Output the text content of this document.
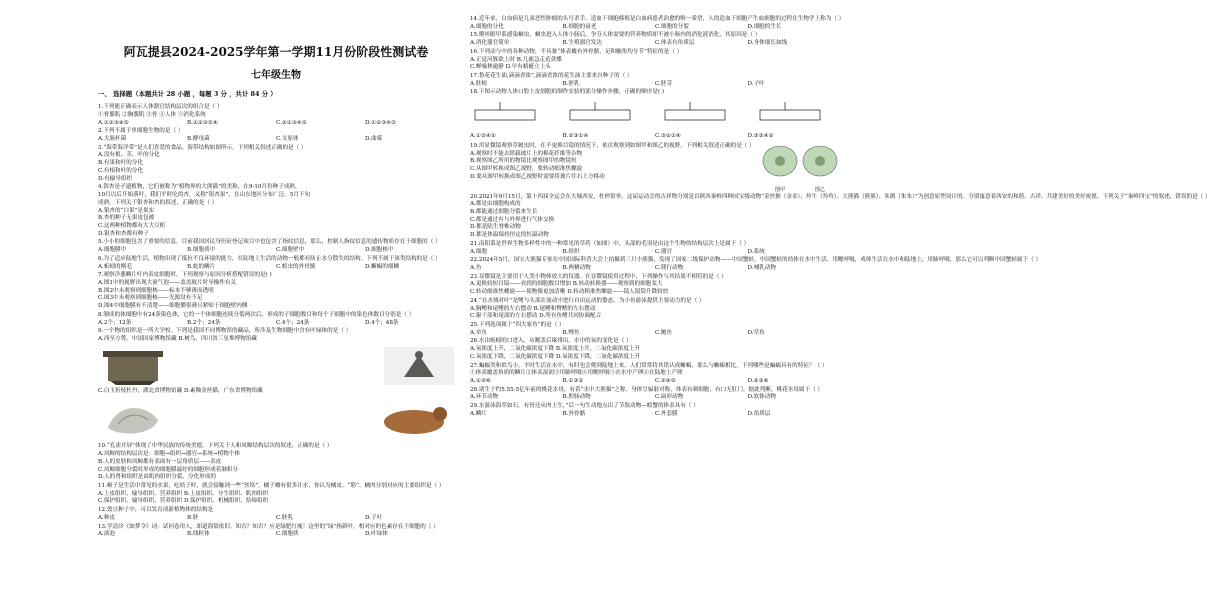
阿瓦提县2024-2025学年第一学期11月份阶段性测试卷
七年级生物
一、 选择题（本题共计 28 小题 ，每题 3 分 ，共计 84 分 ）
1.下列能正确表示人体器官结构层次的组合是（ ）
①骨骼肌 ②胸腹肌 ③骨 ④人体 ⑤消化系统
A.①②③④⑤	B.①②③⑤④	C.②①③④⑤	D.①②③④⑤
2.下列不属于单细胞生物的是（ ）
A.大肠杆菌	B.酵母菌	C.支原体	D.曲霉
3.“海带海洋带”是人们喜爱的食品。海带结构如图所示，下列相关叙述正确的是（ ）
A.没有根、茎、叶的分化
B.有果和叶的分化
C.有根和叶的分化
D.有输导组织
4.银杏是孑遗植物，它们被称为“植物界的大熊猫”的美称，在9-10月份种子成熟，
10月以后开始落叶，我们平时吃的杏，又称“银杏果”，在山东地区分布广泛。5月下旬
成熟。下列关于银杏和杏的叙述，正确的是（ ）
A.银杏的“白果”是果实
B.杏的种子无果皮包被
C.这两种植物都有大大豆酊
D.银杏和杏都有种子
5.小小的细胞包含了重要的信息，目前我国居民身份证登记项目中也包含了指纹信息，那么，控制人指纹信息的遗传物质存在于细胞的（ ）
A.细胞膜中	B.细胞质中	C.细胞壁中	D.细胞核中
6.为了适应陆地生活，植物出现了抵抗不良环境的能力，在陆地上生活的动物一般都有防止水分散失的结构。下列不属于该类结构的是（ ）
A.蚯蚓的刚毛	B.蛇的鳞片	C.蝗虫的外骨骼	D.蜥蜴的细鳞
7.观察洋葱鳞片叶内表皮细胞时，下列观察与原因分析搭配错误的是( )
A.图1中的视野出现大量气泡——盖盖玻片时导操作有关
B.图2中未观察到细胞核——标本不够薄而透明
C.图3中未观察到细胞核——光源没有不足
D.图4中细胞膜有不清楚——细胞膜很薄且紧贴于细胞壁内侧
8.制成的体细胞中有24条染色体，它的一个体细胞连续分裂两次后，形成的子细胞数目和每个子细胞中的染色体数目分别是（ ）
A.2个；12条	B.2个；24条	C.4个；24条	D.4个；48条
9.一个物的组织是一所大学校。下列是我国不同博物馆的藏品，所涉及生物细胞中含有叶绿体的是（ ）
A.西至方尊，中国国家博物馆藏 B.树鸟，四川省三星堆博物馆藏
C.白玉折枝杜丹，湖北省博物馆藏 D.素釉金丝猫，广东省博物馆藏
10.“孔雀开屏”体现了中华民族的传统美德。下列关于人和凤鲸结构层次的叙述，正确的是（ ）
A.凤鲸的结构层次是：细胞→组织→器官→系统→植物个体
B.人的皮肤和凤鲸都有表面有一层角质层——表皮
C.凤鲸细胞分裂时形成的细胞膜最好的细胞形成着肺积分
D.人的肾和组织是由肌肉组织分裂、分化形成的
11.顿子是生活中常见的水果，吃桔子时，就会接触到一些“丝络”，橘子瓣有很多汁水，你认为橘皮、“筋”、橘肉分别对应的主要组织是（ ）
A.上皮组织、输导组织、营养组织 B.上皮组织、分生组织、肌肉组织
C.保护组织、输导组织、营养组织 D.保护组织、机械组织、结缔组织
12.敦豆种子中，可以发育成新植物体的结构是
A.种皮	B.胚	C.胚乳	D.子叶
13.学清泠《如梦令》词：试问卷帘人，却道海棠依旧。知否？知否？应是绿肥红瘦！这里的“绿”指新叶，相对应的色素存在于细胞的（ ）
A.液泡	B.线粒体	C.细胞质	D.叶绿体
14.近年来，白血病是儿童恶性肿瘤的头号杀手，造血干细胞移植是白血病患者治愈的唯一希望，人的造血干细胞产生血细胞的过程在生物学上称为（ ）
A.细胞的分化	B.细胞的衰老	C.细胞的分裂	D.细胞的生长
15.喂哇眼甲系感染蛔虫，蛔虫进入人体小肠后，争夺人体需要的营养物质却不被小肠内的消化液消化，其原因是（ ）
A.消化器官简单	B.生殖器官发达	C.体表有角质层	D.身体细长如线
16.下列动与中的各种动物，不具备“体表覆有外骨骼，足和触角均分节”特征的是（ ）
A.正觉河豚欲上时 B.几鹿急走追黄蝶
C.蝉噪林逾静 D.早有蜻蜓立上头
17.鲁花花生油,滴滴香浓”,滴滴香浓的花生油主要来自种子的（ ）
A.胚根	B.胚乳	C.胚芽	D.子叶
18.下图示动物人体口腔上皮细胞的制作实验的部分操作步骤，正确的顺序是( )
A.①③④②	B.②③①④	C.③②①④	D.③③④②
19.用显微镜观察草履虫时，在不更换目镜的情况下，依次观察到如图甲和图乙的视野，下列相关叙述正确的是（ ）
A.观察时不能去除载玻片上的棉花纤维等杂物
B.观察图乙所用的物镜比观察图甲的物镜短
C.从图甲转换成图乙视野，要转动细准焦螺旋
D.要从图甲转换成图乙视野时需要将玻片往右上方移动
图甲	图乙
20.2021年9月15日，第十四届全运会在大城西安，杜仲馆举。这届运动会的吉祥物分别是以陕西秦岭四种国宝级动物“金丝猴（金金）、羚牛（羚羚）、大熊猫（熊熊）、朱鹮（朱朱）”为创意原型设计的。分别寓意着西安的和谐、吉祥、共建美好的美好祝愿。下列关于“秦岭四宝”的叙述，错误的是（ ）
A.都是由细胞构成的
B.都能通过细胞分裂来生长
C.都是通过有与外界进行气体交换
D.都是陆生脊椎动物
D.都是体温保持恒定的恒温动物
21.南阳菜是世界生物多样性中的一种常见的草药（如图）中，头部的毛羽是由这个生物的结构层次上是属于（ ）
A.细胞	B.组织	C.器官	D.系统
22.2024年5月，国宝大熊猫专家在中国国际科普大会上拍摄到三只小熊猫，发现了国家二级保护动物——中国蟹蛙。中国蟹蛙的幼体在水中生活，用鳃呼吸，成体生活在水中和陆地上，用肺呼吸，那么它可以判断中国蟹蛙属于（ ）
A.鱼	B.两栖动物	C.爬行动物	D.哺乳动物
23.显微镜是主要用于人类小物体放大的仪器。在显微镜使用过程中，下列操作与其结果不相符的是（ ）
A.更换较短目镜——看到的细胞数目增加 B.转动转换器——观察到的细胞变大
C.转动细准焦螺旋——使物像更加清晰 D.转动粗准焦螺旋——镜人镜筒升降较快
24.“在水域对叶”是鳍与头部在流动中进行自由运动的姿态，为小鱼游泳提供主要动力的是（ ）
A.胸鳍和尾鳍的左右摆动 B.尾鳍和臀鳍的左右摆动
C.躯干部和尾部的左右摆动 D.所有鱼鳍共同协调配合
25.下列选项属于“四大家鱼”的是（ ）
A.章鱼	B.鲤鱼	C.鲍鱼	D.草鱼
26.水由蚯蚓的口进入，从鳃盖后缘排出。水中的氧的变化是（ ）
A.氧浓度上升，二氧化碳浓度下降 B.氧浓度上升，二氧化碳浓度上升
C.氧浓度下降，二氧化碳浓度下降 D.氧浓度下降，二氧化碳浓度上升
27.蝙蝠类和似鸟小，平时生活在水中，有时也会爬到陆地上来。人们常常将其错认成蜥蜴，那么与蜥蜴相比，下列哪些是蝙蝠具有的特征？（ ）
①体表覆盖角质的鳞片②体表湿润③用肺呼吸④用鳃呼吸⑤在水中产卵⑥在陆地上产卵
A.①③⑥	B.①③②	C.②④⑤	D.②③⑥
28.诸生于约5.55.5亿年前的桃花水母，有着“水中大熊猫”之称。身体呈辐射对称，体表有刺细胞，有口无肛门。据此判断，桃花水母属于（ ）
A.环节动物	B.腔肠动物	C.扁形动物	D.软体动物
29.水游泳海草如石，有骨还从肉上生，”后一句生动地点出了节肢动物—蝗蟹的体表具有（ ）
A.鳞片	B.外骨骼	C.外套膜	D.角质层
